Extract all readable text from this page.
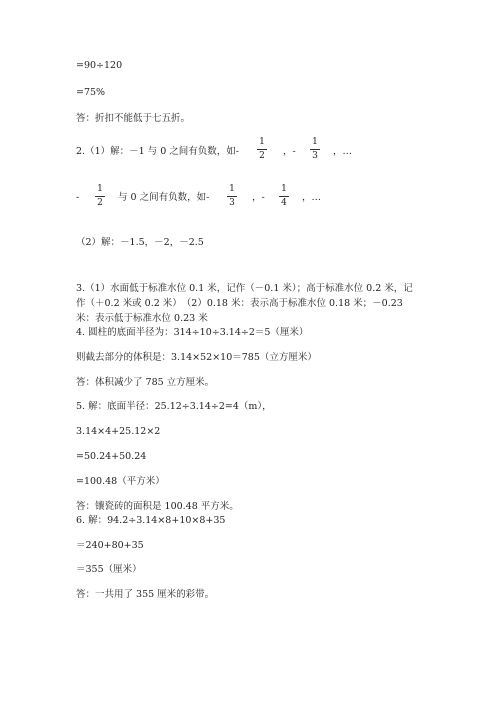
=90÷120
=75%
答：折扣不能低于七五折。
2.（1）解：－1 与 0 之间有负数，如-
1
2 ，-
1
3 ，…
-
1
2 与 0 之间有负数，如-
1
3 ，-
1
4 ，…
（2）解：－1.5，－2，－2.5
3.（1）水面低于标准水位 0.1 米，记作（－0.1 米）；高于标准水位 0.2 米，记
作（＋0.2 米或 0.2 米）　（2）0.18 米：表示高于标准水位 0.18 米；－0.23
米：表示低于标准水位 0.23 米
4. 圆柱的底面半径为：314÷10÷3.14÷2＝5（厘米）
则截去部分的体积是：3.14×52×10＝785（立方厘米）
答：体积减少了 785 立方厘米。
5. 解：底面半径：25.12÷3.14÷2=4（m），
3.14×4+25.12×2
=50.24+50.24
=100.48（平方米）
答：镶瓷砖的面积是 100.48 平方米。
6. 解：94.2÷3.14×8+10×8+35
＝240+80+35
＝355（厘米）
答：一共用了 355 厘米的彩带。
